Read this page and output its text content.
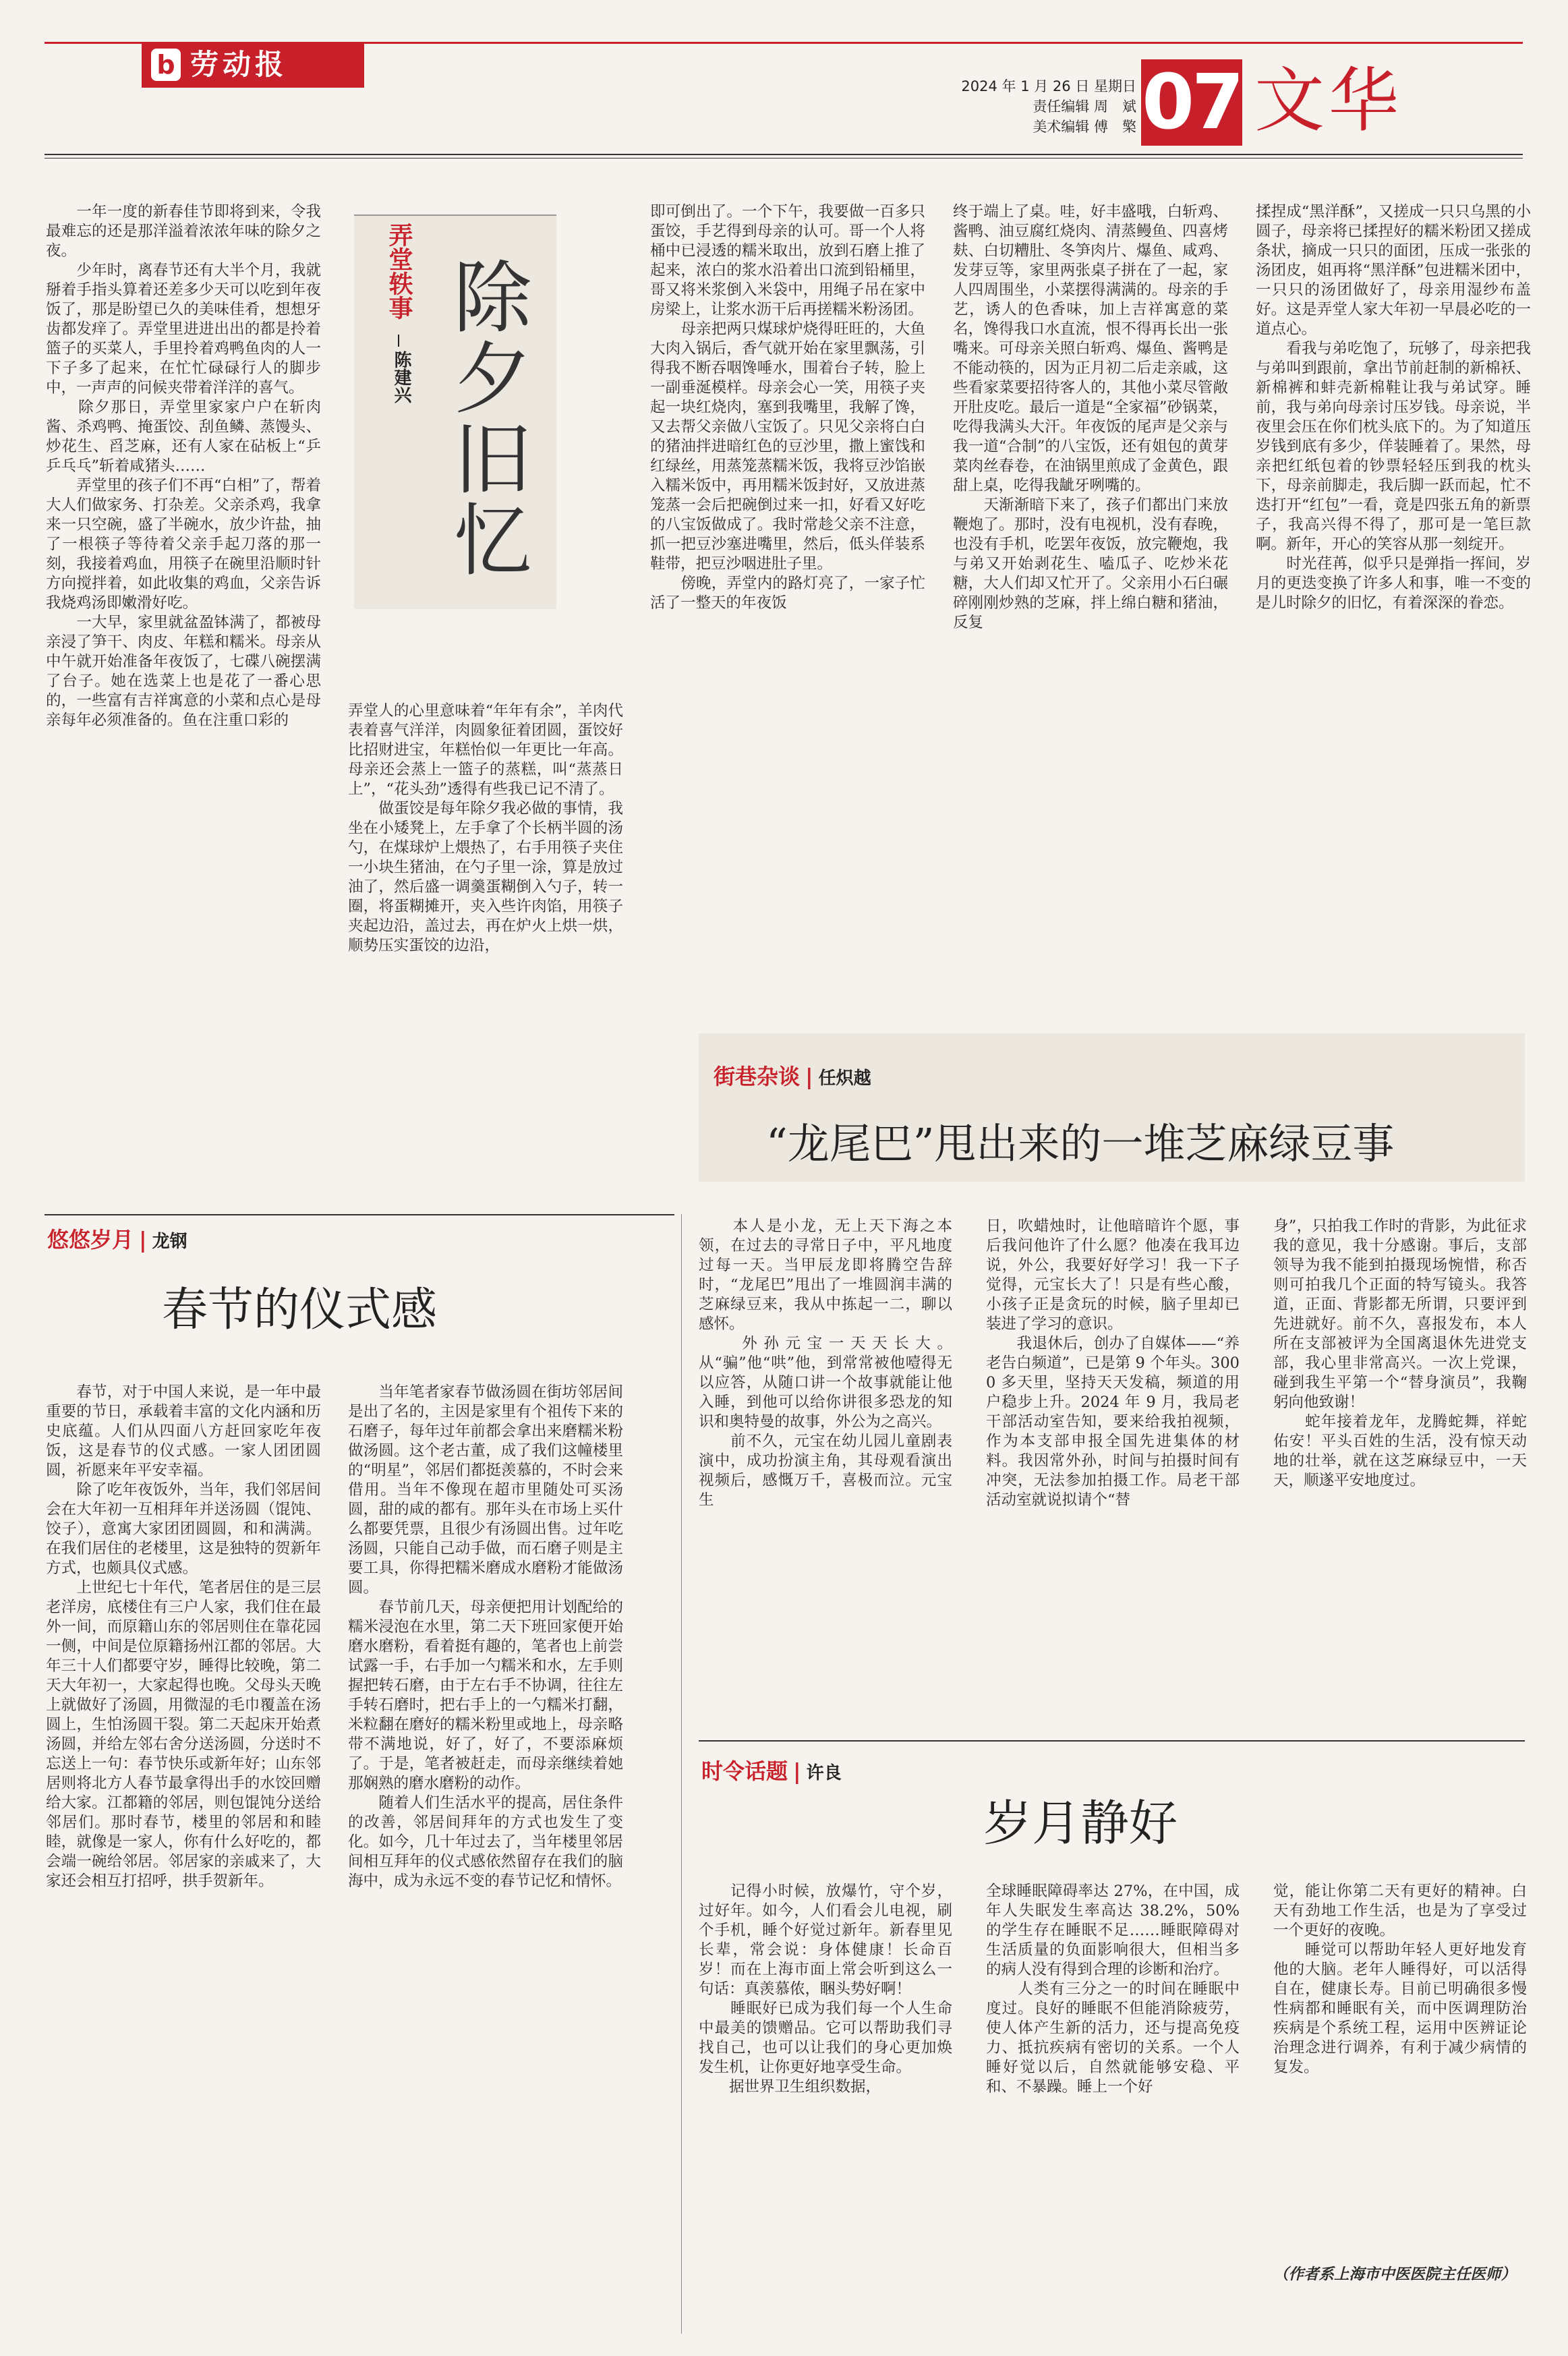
b 劳动报
2024 年 1 月 26 日 星期日
责任编辑 周　斌
美术编辑 傅　檠 07 文华
弄堂轶事
陈建兴 除夕旧忆
　　一年一度的新春佳节即将到来，令我最难忘的还是那洋溢着浓浓年味的除夕之夜。
　　少年时，离春节还有大半个月，我就掰着手指头算着还差多少天可以吃到年夜饭了，那是盼望已久的美味佳肴，想想牙齿都发痒了。弄堂里进进出出的都是拎着篮子的买菜人，手里拎着鸡鸭鱼肉的人一下子多了起来，在忙忙碌碌行人的脚步中，一声声的问候夹带着洋洋的喜气。
　　除夕那日，弄堂里家家户户在斩肉酱、杀鸡鸭、掩蛋饺、刮鱼鳞、蒸馒头、炒花生、舀芝麻，还有人家在砧板上“乒乒乓乓”斩着咸猪头……
　　弄堂里的孩子们不再“白相”了，帮着大人们做家务、打杂差。父亲杀鸡，我拿来一只空碗，盛了半碗水，放少许盐，抽了一根筷子等待着父亲手起刀落的那一刻，我接着鸡血，用筷子在碗里沿顺时针方向搅拌着，如此收集的鸡血，父亲告诉我烧鸡汤即嫩滑好吃。
　　一大早，家里就盆盈钵满了，都被母亲浸了笋干、肉皮、年糕和糯米。母亲从中午就开始准备年夜饭了，七碟八碗摆满了台子。她在选菜上也是花了一番心思的，一些富有吉祥寓意的小菜和点心是母亲每年必须准备的。鱼在注重口彩的
弄堂人的心里意味着“年年有余”，羊肉代表着喜气洋洋，肉圆象征着团圆，蛋饺好比招财进宝，年糕怡似一年更比一年高。母亲还会蒸上一篮子的蒸糕，叫“蒸蒸日上”，“花头劲”透得有些我已记不清了。
　　做蛋饺是每年除夕我必做的事情，我坐在小矮凳上，左手拿了个长柄半圆的汤勺，在煤球炉上煨热了，右手用筷子夹住一小块生猪油，在勺子里一涂，算是放过油了，然后盛一调羹蛋糊倒入勺子，转一圈，将蛋糊摊开，夹入些许肉馅，用筷子夹起边沿，盖过去，再在炉火上烘一烘，顺势压实蛋饺的边沿，
即可倒出了。一个下午，我要做一百多只蛋饺，手艺得到母亲的认可。哥一个人将桶中已浸透的糯米取出，放到石磨上推了起来，浓白的浆水沿着出口流到铅桶里，哥又将米浆倒入米袋中，用绳子吊在家中房梁上，让浆水沥干后再搓糯米粉汤团。
　　母亲把两只煤球炉烧得旺旺的，大鱼大肉入锅后，香气就开始在家里飘荡，引得我不断吞咽馋唾水，围着台子转，脸上一副垂涎模样。母亲会心一笑，用筷子夹起一块红烧肉，塞到我嘴里，我解了馋，又去帮父亲做八宝饭了。只见父亲将白白的猪油拌进暗红色的豆沙里，撒上蜜饯和红绿丝，用蒸笼蒸糯米饭，我将豆沙馅嵌入糯米饭中，再用糯米饭封好，又放进蒸笼蒸一会后把碗倒过来一扣，好看又好吃的八宝饭做成了。我时常趁父亲不注意，抓一把豆沙塞进嘴里，然后，低头佯装系鞋带，把豆沙咽进肚子里。
　　傍晚，弄堂内的路灯亮了，一家子忙活了一整天的年夜饭
终于端上了桌。哇，好丰盛哦，白斩鸡、酱鸭、油豆腐红烧肉、清蒸鳗鱼、四喜烤麸、白切糟肚、冬笋肉片、爆鱼、咸鸡、发芽豆等，家里两张桌子拼在了一起，家人四周围坐，小菜摆得满满的。母亲的手艺，诱人的色香味，加上吉祥寓意的菜名，馋得我口水直流，恨不得再长出一张嘴来。可母亲关照白斩鸡、爆鱼、酱鸭是不能动筷的，因为正月初二后走亲戚，这些看家菜要招待客人的，其他小菜尽管敞开肚皮吃。最后一道是“全家福”砂锅菜，吃得我满头大汗。年夜饭的尾声是父亲与我一道“合制”的八宝饭，还有姐包的黄芽菜肉丝春卷，在油锅里煎成了金黄色，跟甜上桌，吃得我龇牙咧嘴的。
　　天渐渐暗下来了，孩子们都出门来放鞭炮了。那时，没有电视机，没有春晚，也没有手机，吃罢年夜饭，放完鞭炮，我与弟又开始剥花生、嗑瓜子、吃炒米花糖，大人们却又忙开了。父亲用小石臼碾碎刚刚炒熟的芝麻，拌上绵白糖和猪油，反复
揉捏成“黑洋酥”，又搓成一只只乌黑的小圆子，母亲将已揉捏好的糯米粉团又搓成条状，摘成一只只的面团，压成一张张的汤团皮，姐再将“黑洋酥”包进糯米团中，一只只的汤团做好了，母亲用湿纱布盖好。这是弄堂人家大年初一早晨必吃的一道点心。
　　看我与弟吃饱了，玩够了，母亲把我与弟叫到跟前，拿出节前赶制的新棉袄、新棉裤和蚌壳新棉鞋让我与弟试穿。睡前，我与弟向母亲讨压岁钱。母亲说，半夜里会压在你们枕头底下的。为了知道压岁钱到底有多少，佯装睡着了。果然，母亲把红纸包着的钞票轻轻压到我的枕头下，母亲前脚走，我后脚一跃而起，忙不迭打开“红包”一看，竟是四张五角的新票子，我高兴得不得了，那可是一笔巨款啊。新年，开心的笑容从那一刻绽开。
　　时光荏苒，似乎只是弹指一挥间，岁月的更迭变换了许多人和事，唯一不变的是儿时除夕的旧忆，有着深深的眷恋。
街巷杂谈 | 任炽越
“龙尾巴”甩出来的一堆芝麻绿豆事
　　本人是小龙，无上天下海之本领，在过去的寻常日子中，平凡地度过每一天。当甲辰龙即将腾空告辞时，“龙尾巴”甩出了一堆圆润丰满的芝麻绿豆来，我从中拣起一二，聊以感怀。
　　外孙元宝一天天长大。从“骗”他“哄”他，到常常被他噎得无以应答，从随口讲一个故事就能让他入睡，到他可以给你讲很多恐龙的知识和奥特曼的故事，外公为之高兴。
　　前不久，元宝在幼儿园儿童剧表演中，成功扮演主角，其母观看演出视频后，感慨万千，喜极而泣。元宝生
日，吹蜡烛时，让他暗暗许个愿，事后我问他许了什么愿？他凑在我耳边说，外公，我要好好学习！我一下子觉得，元宝长大了！只是有些心酸，小孩子正是贪玩的时候，脑子里却已装进了学习的意识。
　　我退休后，创办了自媒体——“养老告白频道”，已是第 9 个年头。3000 多天里，坚持天天发稿，频道的用户稳步上升。2024 年 9 月，我局老干部活动室告知，要来给我拍视频，作为本支部申报全国先进集体的材料。我因常外孙，时间与拍摄时间有冲突，无法参加拍摄工作。局老干部活动室就说拟请个“替
身”，只拍我工作时的背影，为此征求我的意见，我十分感谢。事后，支部领导为我不能到拍摄现场惋惜，称否则可拍我几个正面的特写镜头。我答道，正面、背影都无所谓，只要评到先进就好。前不久，喜报发布，本人所在支部被评为全国离退休先进党支部，我心里非常高兴。一次上党课，碰到我生平第一个“替身演员”，我鞠躬向他致谢！
　　蛇年接着龙年，龙腾蛇舞，祥蛇佑安！平头百姓的生活，没有惊天动地的壮举，就在这芝麻绿豆中，一天天，顺遂平安地度过。
悠悠岁月 | 龙钢
春节的仪式感
　　春节，对于中国人来说，是一年中最重要的节日，承载着丰富的文化内涵和历史底蕴。人们从四面八方赶回家吃年夜饭，这是春节的仪式感。一家人团团圆圆，祈愿来年平安幸福。
　　除了吃年夜饭外，当年，我们邻居间会在大年初一互相拜年并送汤圆（馄饨、饺子），意寓大家团团圆圆，和和满满。在我们居住的老楼里，这是独特的贺新年方式，也颇具仪式感。
　　上世纪七十年代，笔者居住的是三层老洋房，底楼住有三户人家，我们住在最外一间，而原籍山东的邻居则住在靠花园一侧，中间是位原籍扬州江都的邻居。大年三十人们都要守岁，睡得比较晚，第二天大年初一，大家起得也晚。父母头天晚上就做好了汤圆，用微湿的毛巾覆盖在汤圆上，生怕汤圆干裂。第二天起床开始煮汤圆，并给左邻右舍分送汤圆，分送时不忘送上一句：春节快乐或新年好；山东邻居则将北方人春节最拿得出手的水饺回赠给大家。江都籍的邻居，则包馄饨分送给邻居们。那时春节，楼里的邻居和和睦睦，就像是一家人，你有什么好吃的，都会端一碗给邻居。邻居家的亲戚来了，大家还会相互打招呼，拱手贺新年。
　　当年笔者家春节做汤圆在街坊邻居间是出了名的，主因是家里有个祖传下来的石磨子，每年过年前都会拿出来磨糯米粉做汤圆。这个老古董，成了我们这幢楼里的“明星”，邻居们都挺羡慕的，不时会来借用。当年不像现在超市里随处可买汤圆，甜的咸的都有。那年头在市场上买什么都要凭票，且很少有汤圆出售。过年吃汤圆，只能自己动手做，而石磨子则是主要工具，你得把糯米磨成水磨粉才能做汤圆。
　　春节前几天，母亲便把用计划配给的糯米浸泡在水里，第二天下班回家便开始磨水磨粉，看着挺有趣的，笔者也上前尝试露一手，右手加一勺糯米和水，左手则握把转石磨，由于左右手不协调，往往左手转石磨时，把右手上的一勺糯米打翻，米粒翻在磨好的糯米粉里或地上，母亲略带不满地说，好了，好了，不要添麻烦了。于是，笔者被赶走，而母亲继续着她那娴熟的磨水磨粉的动作。
　　随着人们生活水平的提高，居住条件的改善，邻居间拜年的方式也发生了变化。如今，几十年过去了，当年楼里邻居间相互拜年的仪式感依然留存在我们的脑海中，成为永远不变的春节记忆和情怀。
时令话题 | 许良
岁月静好
　　记得小时候，放爆竹，守个岁，过好年。如今，人们看会儿电视，刷个手机，睡个好觉过新年。新春里见长辈，常会说：身体健康！长命百岁！而在上海市面上常会听到这么一句话：真羡慕侬，睏头势好啊！
　　睡眠好已成为我们每一个人生命中最美的馈赠品。它可以帮助我们寻找自己，也可以让我们的身心更加焕发生机，让你更好地享受生命。
　　据世界卫生组织数据，
全球睡眠障碍率达 27%，在中国，成年人失眠发生率高达 38.2%，50% 的学生存在睡眠不足……睡眠障碍对生活质量的负面影响很大，但相当多的病人没有得到合理的诊断和治疗。
　　人类有三分之一的时间在睡眠中度过。良好的睡眠不但能消除疲劳，使人体产生新的活力，还与提高免疫力、抵抗疾病有密切的关系。一个人睡好觉以后，自然就能够安稳、平和、不暴躁。睡上一个好
觉，能让你第二天有更好的精神。白天有劲地工作生活，也是为了享受过一个更好的夜晚。
　　睡觉可以帮助年轻人更好地发育他的大脑。老年人睡得好，可以活得自在，健康长寿。目前已明确很多慢性病都和睡眠有关，而中医调理防治疾病是个系统工程，运用中医辨证论治理念进行调养，有利于减少病情的复发。
（作者系上海市中医医院主任医师）
